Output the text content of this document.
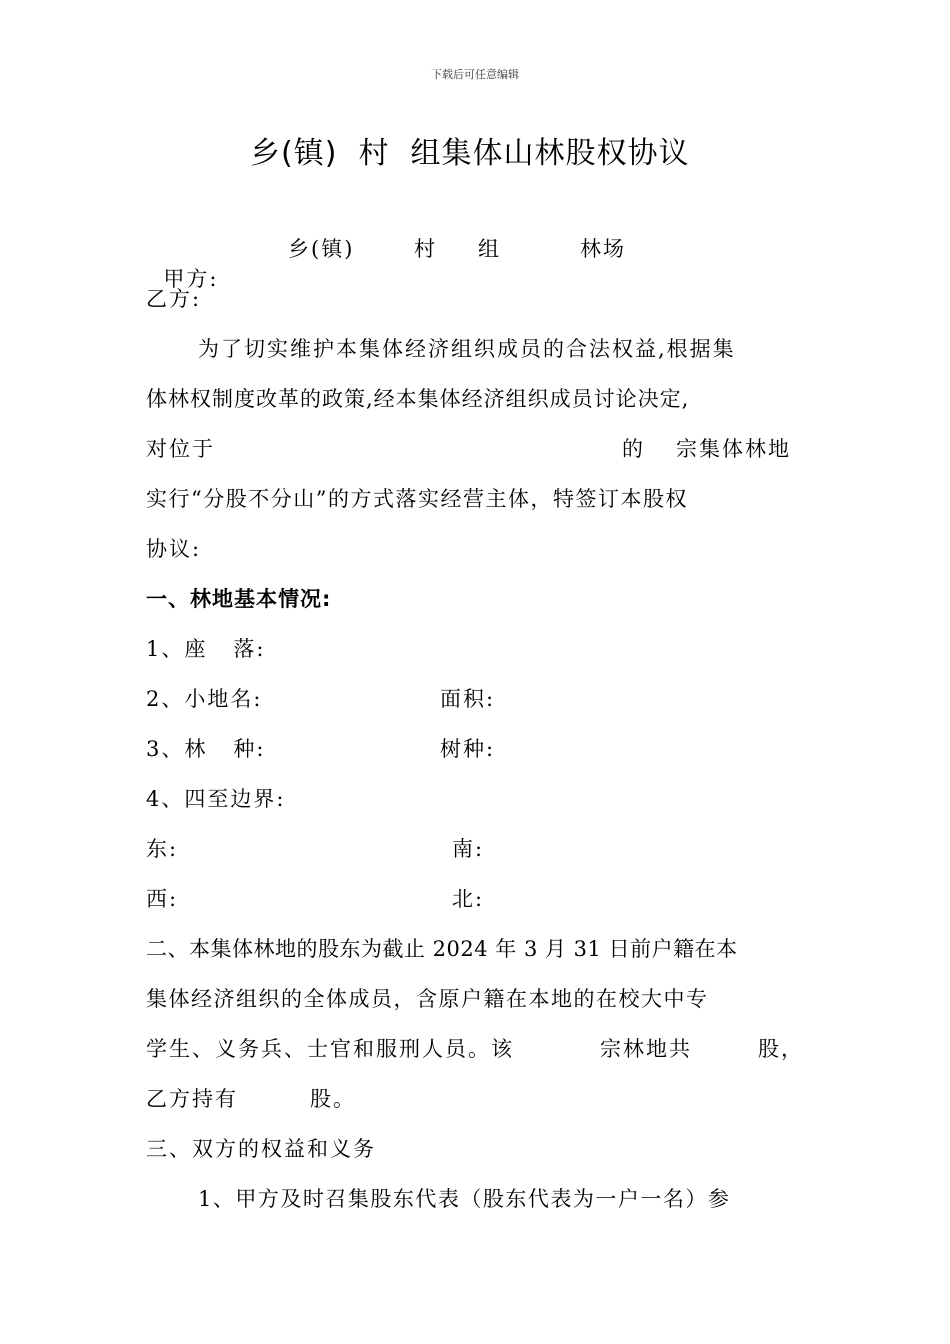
下载后可任意编辑
乡(镇)  村  组集体山林股权协议

甲方:

乡(镇)	村 组	林场
乙方:
为了切实维护本集体经济组织成员的合法权益,根据集
体林权制度改革的政策,经本集体经济组织成员讨论决定,
对位于	的 宗集体林地
实行“分股不分山”的方式落实经营主体，特签订本股权
协议:
一、林地基本情况:
1、座   落:
2、小地名:	面积:
3、林   种:	树种:
4、四至边界:
东:	南:
西:	北:
二、本集体林地的股东为截止 2024 年 3 月 31 日前户籍在本
集体经济组织的全体成员，含原户籍在本地的在校大中专
学生、义务兵、士官和服刑人员。该	宗林地共	股，
乙方持有	股。
三、双方的权益和义务
1、甲方及时召集股东代表（股东代表为一户一名）参
